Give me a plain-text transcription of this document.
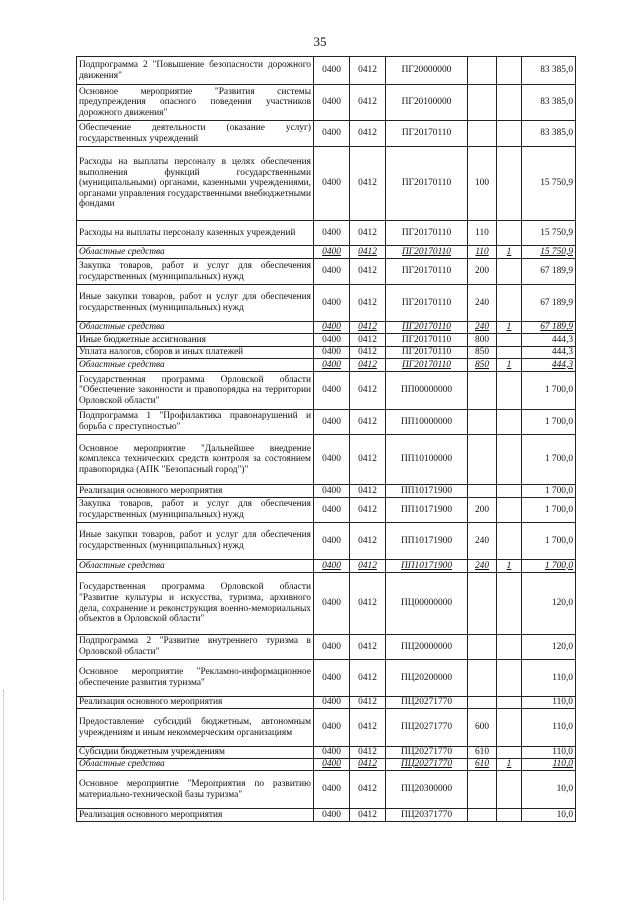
35
Подпрограмма 2 "Повышение безопасности дорожного движения"	0400	0412	ПГ20000000			83 385,0
Основное мероприятие "Развития системы предупреждения опасного поведения участников дорожного движения"	0400	0412	ПГ20100000			83 385,0
Обеспечение деятельности (оказание услуг) государственных учреждений	0400	0412	ПГ20170110			83 385,0
Расходы на выплаты персоналу в целях обеспечения выполнения функций государственными (муниципальными) органами, казенными учреждениями, органами управления государственными внебюджетными фондами	0400	0412	ПГ20170110	100		15 750,9
Расходы на выплаты персоналу казенных учреждений	0400	0412	ПГ20170110	110		15 750,9
Областные средства	0400	0412	ПГ20170110	110	1	15 750,9
Закупка товаров, работ и услуг для обеспечения государственных (муниципальных) нужд	0400	0412	ПГ20170110	200		67 189,9
Иные закупки товаров, работ и услуг для обеспечения государственных (муниципальных) нужд	0400	0412	ПГ20170110	240		67 189,9
Областные средства	0400	0412	ПГ20170110	240	1	67 189,9
Иные бюджетные ассигнования	0400	0412	ПГ20170110	800		444,3
Уплата налогов, сборов и иных платежей	0400	0412	ПГ20170110	850		444,3
Областные средства	0400	0412	ПГ20170110	850	1	444,3
Государственная программа Орловской области "Обеспечение законности и правопорядка на территории Орловской области"	0400	0412	ПП00000000			1 700,0
Подпрограмма 1 "Профилактика правонарушений и борьба с преступностью"	0400	0412	ПП10000000			1 700,0
Основное мероприятие "Дальнейшее внедрение комплекса технических средств контроля за состоянием правопорядка (АПК "Безопасный город")"	0400	0412	ПП10100000			1 700,0
Реализация основного мероприятия	0400	0412	ПП10171900			1 700,0
Закупка товаров, работ и услуг для обеспечения государственных (муниципальных) нужд	0400	0412	ПП10171900	200		1 700,0
Иные закупки товаров, работ и услуг для обеспечения государственных (муниципальных) нужд	0400	0412	ПП10171900	240		1 700,0
Областные средства	0400	0412	ПП10171900	240	1	1 700,0
Государственная программа Орловской области "Развитие культуры и искусства, туризма, архивного дела, сохранение и реконструкция военно-мемориальных объектов в Орловской области"	0400	0412	ПЦ00000000			120,0
Подпрограмма 2 "Развитие внутреннего туризма в Орловской области"	0400	0412	ПЦ20000000			120,0
Основное мероприятие "Рекламно-информационное обеспечение развития туризма"	0400	0412	ПЦ20200000			110,0
Реализация основного мероприятия	0400	0412	ПЦ20271770			110,0
Предоставление субсидий бюджетным, автономным учреждениям и иным некоммерческим организациям	0400	0412	ПЦ20271770	600		110,0
Субсидии бюджетным учреждениям	0400	0412	ПЦ20271770	610		110,0
Областные средства	0400	0412	ПЦ20271770	610	1	110,0
Основное мероприятие "Мероприятия по развитию материально-технической базы туризма"	0400	0412	ПЦ20300000			10,0
Реализация основного мероприятия	0400	0412	ПЦ20371770			10,0
